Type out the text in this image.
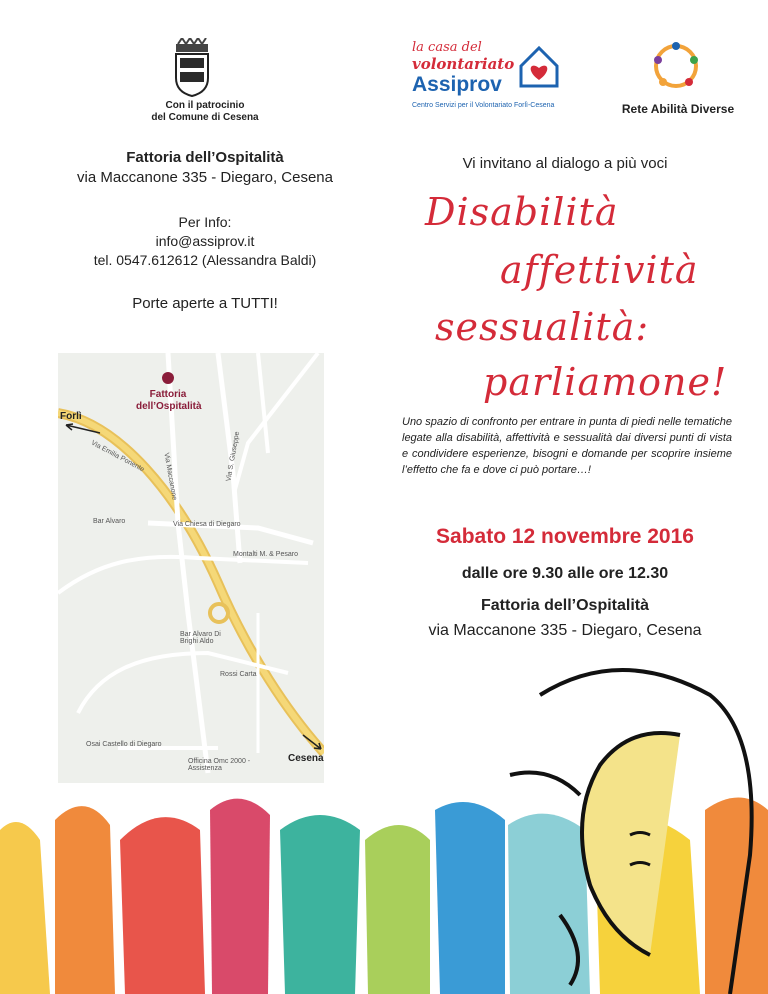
Con il patrocinio
del Comune di Cesena
Fattoria dell’Ospitalità
via Maccanone 335 - Diegaro, Cesena
Per Info:
info@assiprov.it
tel. 0547.612612 (Alessandra Baldi)
Porte aperte a TUTTI!
Fattoria
dell’Ospitalità
Forlì
Cesena
Bar Alvaro
Montalti M. & Pesaro
Bar Alvaro Di Brighi Aldo
Rossi Carta
Osai Castello di Diegaro
Officina Omc 2000 - Assistenza
Via Chiesa di Diegaro
Via Emilia Ponente Via Maccanone	Via S. Giuseppe
la casa del
volontariato
Assiprov
Centro Servizi per il Volontariato Forlì-Cesena	Rete Abilità Diverse
Vi invitano al dialogo a più voci
Disabilità
affettività
sessualità:
parliamone!
Uno spazio di confronto per entrare in punta di piedi nelle tematiche legate alla disabilità, affettività e sessualità dai diversi punti di vista e condividere esperienze, bisogni e domande per scoprire insieme l’effetto che fa e dove ci può portare…!
Sabato 12 novembre 2016
dalle ore 9.30 alle ore 12.30
Fattoria dell’Ospitalità
via Maccanone 335 - Diegaro, Cesena
